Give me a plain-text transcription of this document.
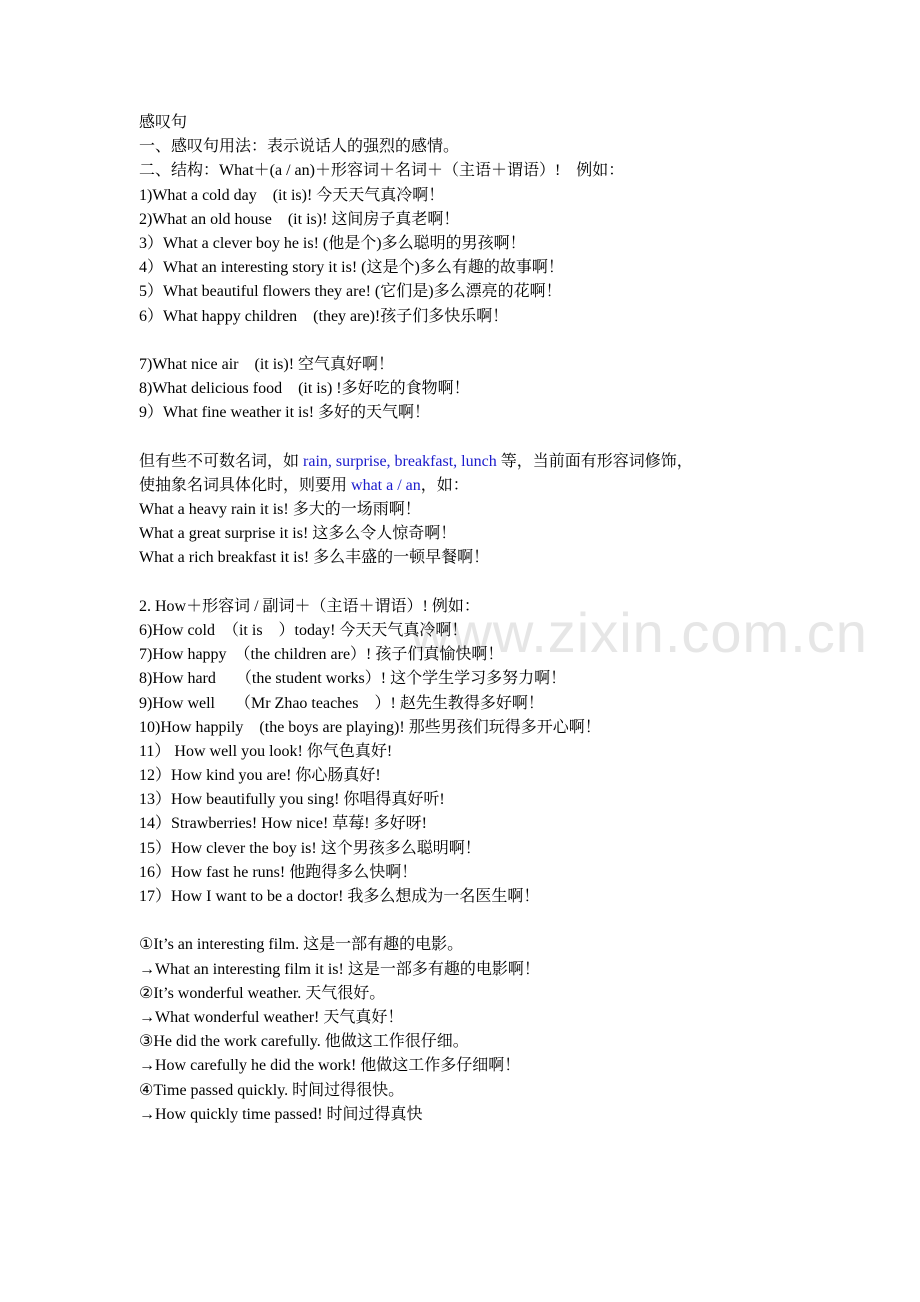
www.zixin.com.cn
感叹句
一、感叹句用法：表示说话人的强烈的感情。
二、结构：What＋(a / an)＋形容词＋名词＋（主语＋谓语）!　例如：
1)What a cold day　(it is)! 今天天气真冷啊！
2)What an old house　(it is)! 这间房子真老啊！
3）What a clever boy he is! (他是个)多么聪明的男孩啊！
4）What an interesting story it is! (这是个)多么有趣的故事啊！
5）What beautiful flowers they are! (它们是)多么漂亮的花啊！
6）What happy children　(they are)!孩子们多快乐啊！
7)What nice air　(it is)! 空气真好啊！
8)What delicious food　(it is) !多好吃的食物啊！
9）What fine weather it is! 多好的天气啊！
但有些不可数名词，如 rain, surprise, breakfast, lunch 等，当前面有形容词修饰，
使抽象名词具体化时，则要用 what a / an，如：
What a heavy rain it is! 多大的一场雨啊！
What a great surprise it is! 这多么令人惊奇啊！
What a rich breakfast it is! 多么丰盛的一顿早餐啊！
2. How＋形容词 / 副词＋（主语＋谓语）! 例如：
6)How cold　（it is　）today! 今天天气真冷啊！
7)How happy　（the children are）! 孩子们真愉快啊！
8)How hard　 （the student works）! 这个学生学习多努力啊！
9)How well　 （Mr Zhao teaches　）! 赵先生教得多好啊！
10)How happily　(the boys are playing)! 那些男孩们玩得多开心啊！
11） How well you look! 你气色真好!
12）How kind you are! 你心肠真好!
13）How beautifully you sing! 你唱得真好听!
14）Strawberries! How nice! 草莓! 多好呀!
15）How clever the boy is! 这个男孩多么聪明啊！
16）How fast he runs! 他跑得多么快啊！
17）How I want to be a doctor! 我多么想成为一名医生啊！
①It’s an interesting film. 这是一部有趣的电影。
→What an interesting film it is! 这是一部多有趣的电影啊！
②It’s wonderful weather. 天气很好。
→What wonderful weather! 天气真好！
③He did the work carefully. 他做这工作很仔细。
→How carefully he did the work! 他做这工作多仔细啊！
④Time passed quickly. 时间过得很快。
→How quickly time passed! 时间过得真快
